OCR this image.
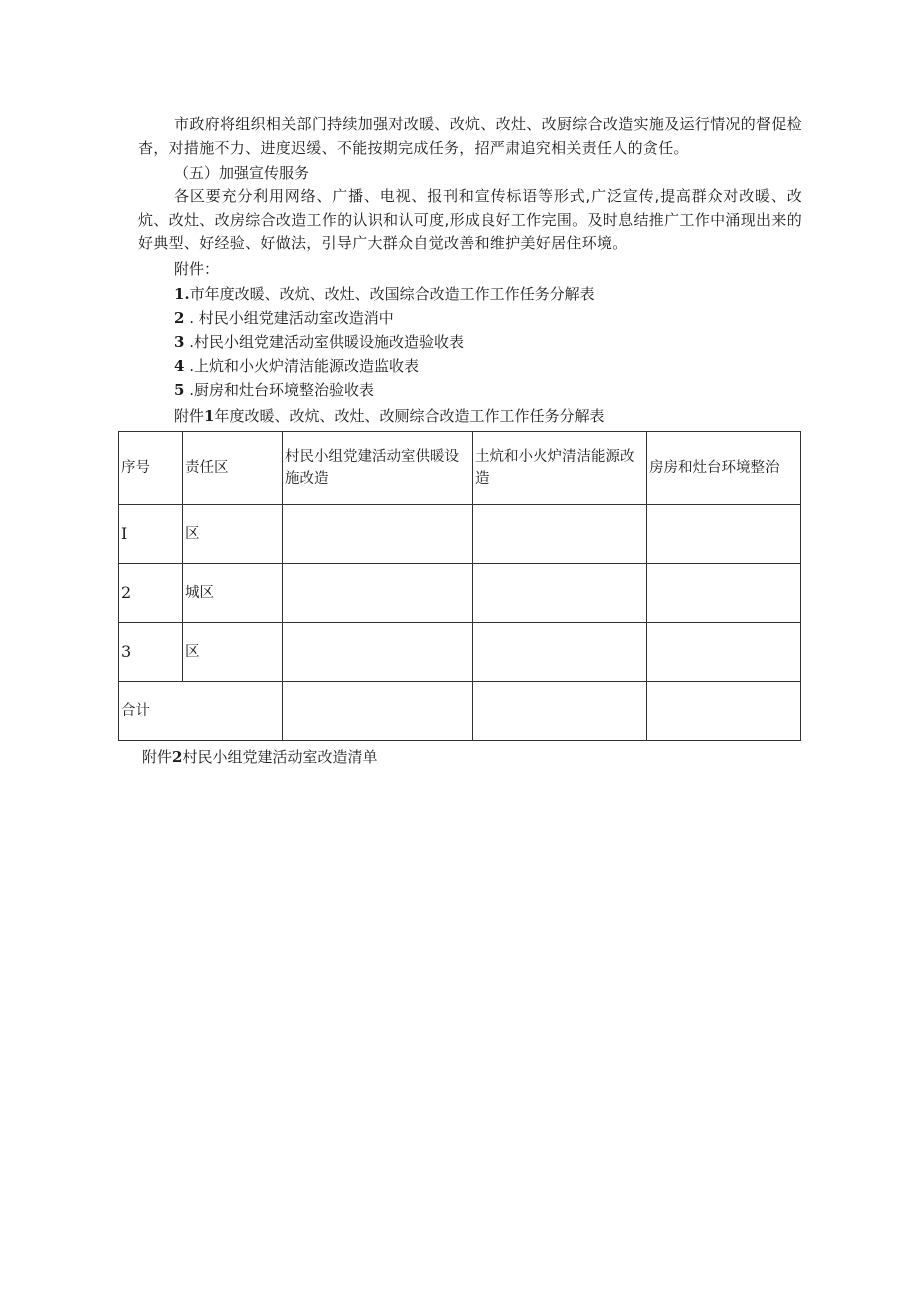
市政府将组织相关部门持续加强对改暖、改炕、改灶、改厨综合改造实施及运行情况的督促检杳，对措施不力、进度迟缓、不能按期完成任务，招严肃追究相关责任人的贪任。

（五）加强宣传服务

各区要充分利用网络、广播、电视、报刊和宣传标语等形式,广泛宣传,提高群众对改暖、改炕、改灶、改房综合改造工作的认识和认可度,形成良好工作完围。及时息结推广工作中涌现出来的好典型、好经验、好做法，引导广大群众自觉改善和维护美好居住环境。

附件：
1.市年度改暖、改炕、改灶、改国综合改造工作工作任务分解表
2 . 村民小组党建活动室改造消中
3 .村民小组党建活动室供暖设施改造验收表
4 .上炕和小火炉清洁能源改造监收表
5 .厨房和灶台环境整治验收表
附件1年度改暖、改炕、改灶、改厕综合改造工作工作任务分解表
序号	责任区	村民小组党建活动室供暖设施改造	土炕和小火炉清洁能源改造	房房和灶台环境整治
I	区			
2	城区			
3	区			
合计				
附件2村民小组党建活动室改造清单
